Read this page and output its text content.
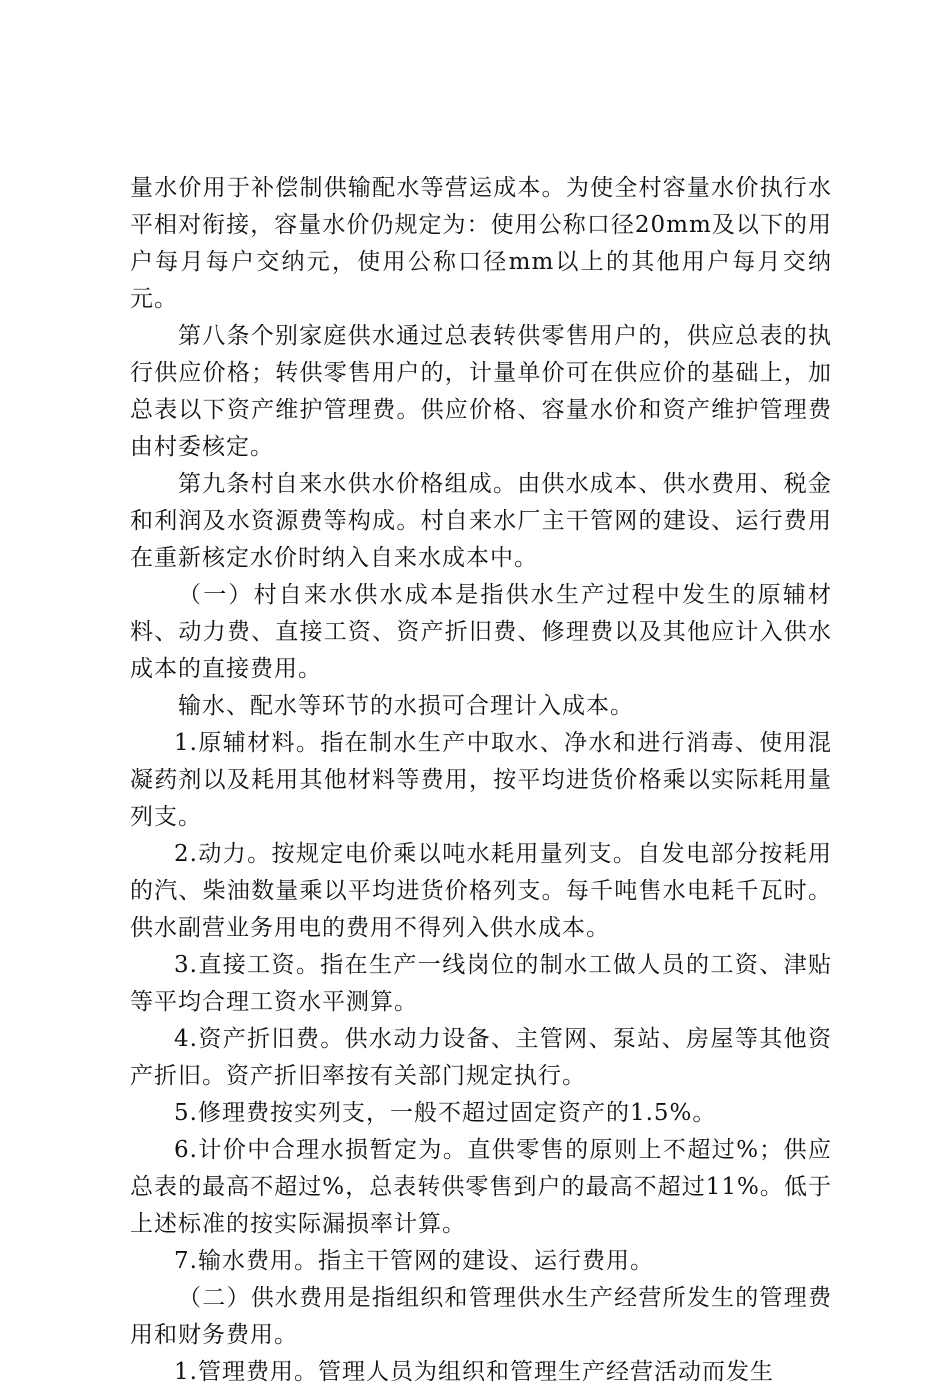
量水价用于补偿制供输配水等营运成本。为使全村容量水价执行水平相对衔接，容量水价仍规定为：使用公称口径20mm及以下的用户每月每户交纳元，使用公称口径mm以上的其他用户每月交纳元。

第八条个别家庭供水通过总表转供零售用户的，供应总表的执行供应价格；转供零售用户的，计量单价可在供应价的基础上，加总表以下资产维护管理费。供应价格、容量水价和资产维护管理费由村委核定。

第九条村自来水供水价格组成。由供水成本、供水费用、税金和利润及水资源费等构成。村自来水厂主干管网的建设、运行费用在重新核定水价时纳入自来水成本中。

（一）村自来水供水成本是指供水生产过程中发生的原辅材料、动力费、直接工资、资产折旧费、修理费以及其他应计入供水成本的直接费用。

输水、配水等环节的水损可合理计入成本。

1.原辅材料。指在制水生产中取水、净水和进行消毒、使用混凝药剂以及耗用其他材料等费用，按平均进货价格乘以实际耗用量列支。

2.动力。按规定电价乘以吨水耗用量列支。自发电部分按耗用的汽、柴油数量乘以平均进货价格列支。每千吨售水电耗千瓦时。供水副营业务用电的费用不得列入供水成本。

3.直接工资。指在生产一线岗位的制水工做人员的工资、津贴等平均合理工资水平测算。

4.资产折旧费。供水动力设备、主管网、泵站、房屋等其他资产折旧。资产折旧率按有关部门规定执行。

5.修理费按实列支，一般不超过固定资产的1.5%。

6.计价中合理水损暂定为。直供零售的原则上不超过%；供应总表的最高不超过%，总表转供零售到户的最高不超过11%。低于上述标准的按实际漏损率计算。

7.输水费用。指主干管网的建设、运行费用。

（二）供水费用是指组织和管理供水生产经营所发生的管理费用和财务费用。

1.管理费用。管理人员为组织和管理生产经营活动而发生
